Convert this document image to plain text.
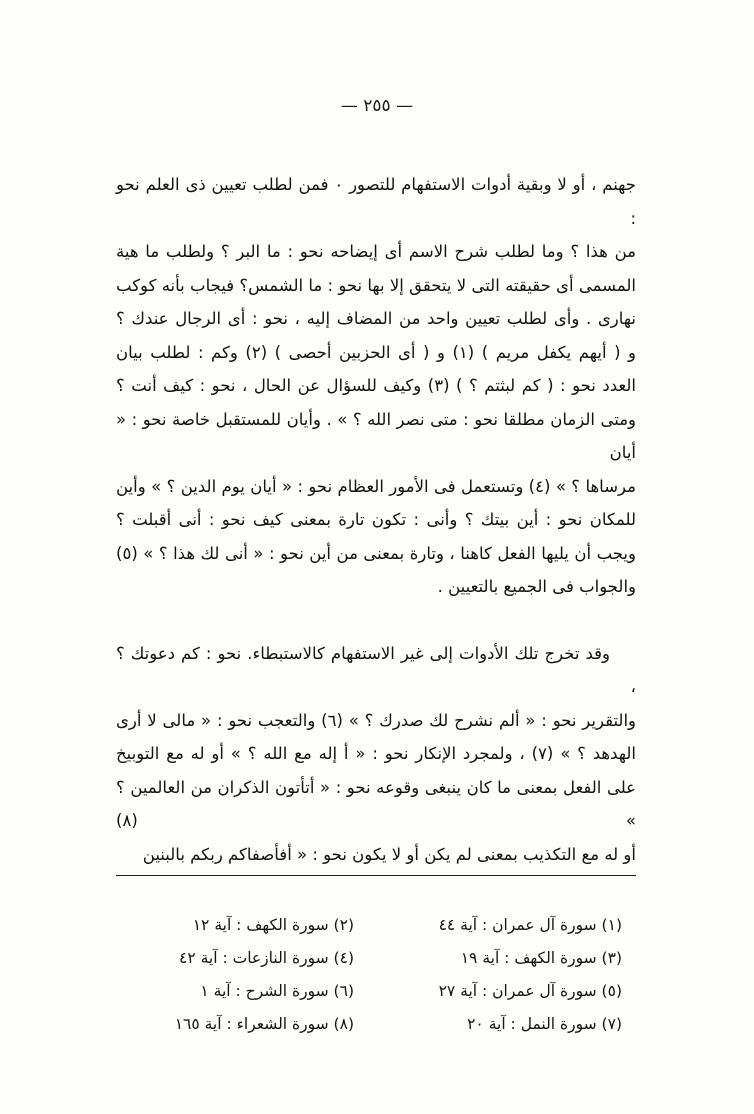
— ٢٥٥ —

جهنم ، أو لا وبقية أدوات الاستفهام للتصور ٠ فمن لطلب تعيين ذى العلم نحو :

من هذا ؟ وما لطلب شرح الاسم أى إيضاحه نحو : ما البر ؟ ولطلب ما هية

المسمى أى حقيقته التى لا يتحقق إلا بها نحو : ما الشمس؟ فيجاب بأنه كوكب

نهارى . وأى لطلب تعيين واحد من المضاف إليه ، نحو : أى الرجال عندك ؟

و ( أيهم يكفل مريم ) (١) و ( أى الحزبين أحصى ) (٢) وكم : لطلب بيان

العدد نحو : ( كم لبثتم ؟ ) (٣) وكيف للسؤال عن الحال ، نحو : كيف أنت ؟

ومتى الزمان مطلقا نحو : متى نصر الله ؟ » . وأيان للمستقبل خاصة نحو : « أيان

مرساها ؟ » (٤) وتستعمل فى الأمور العظام نحو : « أيان يوم الدين ؟ » وأين

للمكان نحو : أين بيتك ؟ وأنى : تكون تارة بمعنى كيف نحو : أنى أقبلت ؟

ويجب أن يليها الفعل كاهنا ، وتارة بمعنى من أين نحو : « أنى لك هذا ؟ » (٥)

والجواب فى الجميع بالتعيين .

وقد تخرج تلك الأدوات إلى غير الاستفهام كالاستبطاء. نحو : كم دعوتك ؟ ،

والتقرير نحو : « ألم نشرح لك صدرك ؟ » (٦) والتعجب نحو : « مالى لا أرى

الهدهد ؟ » (٧) ، ولمجرد الإنكار نحو : « أ إله مع الله ؟ » أو له مع التوبيخ

على الفعل بمعنى ما كان ينبغى وقوعه نحو : « أتأتون الذكران من العالمين ؟ » (٨)

أو له مع التكذيب بمعنى لم يكن أو لا يكون نحو : « أفأصفاكم ربكم بالبنين

(١) سورة آل عمران : آية ٤٤
(٢) سورة الكهف : آية ١٢
(٣) سورة الكهف : آية ١٩
(٤) سورة النازعات : آية ٤٢
(٥) سورة آل عمران : آية ٢٧
(٦) سورة الشرح : آية ١
(٧) سورة النمل : آية ٢٠
(٨) سورة الشعراء : آية ١٦٥
